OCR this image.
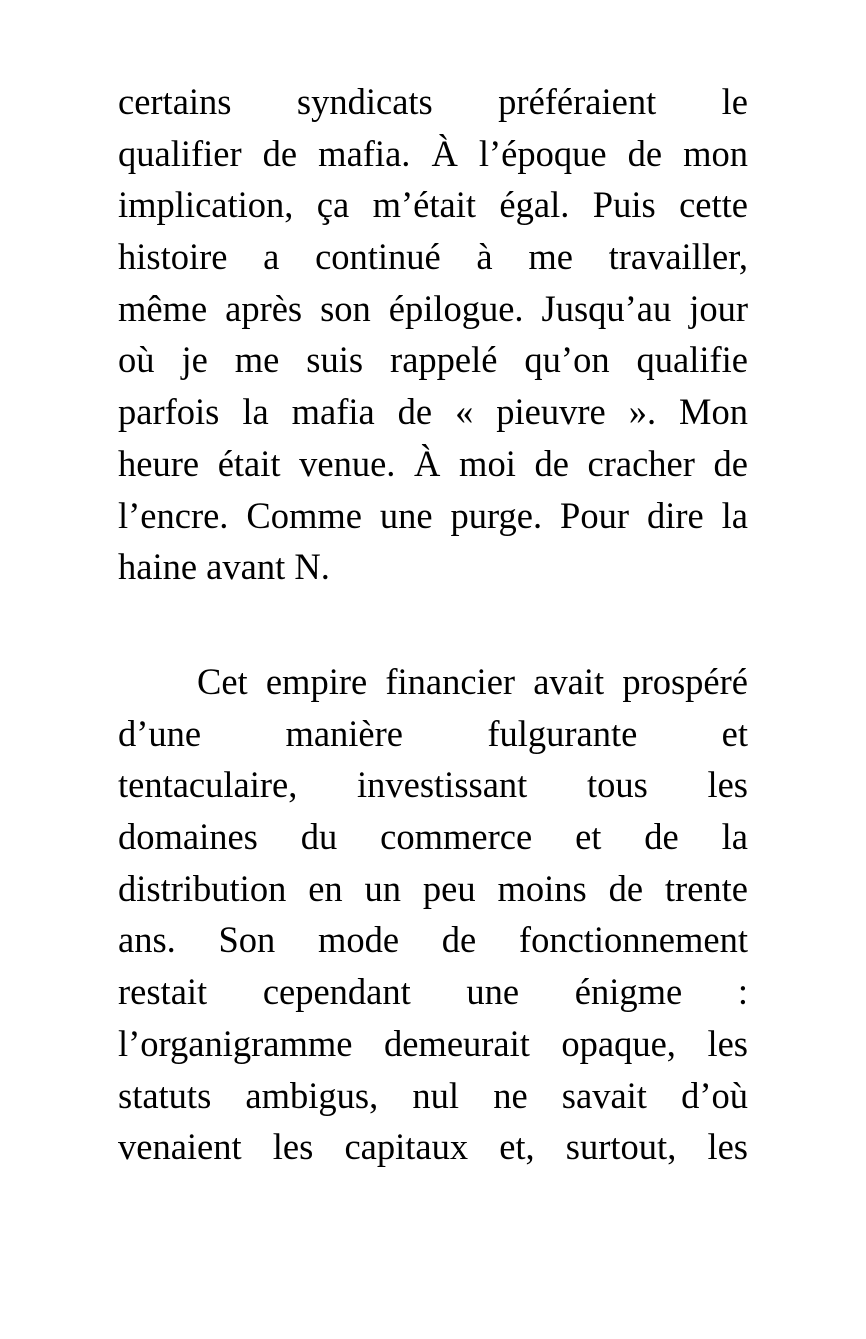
certains syndicats préféraient le
qualifier de mafia. À l’époque de mon
implication, ça m’était égal. Puis cette
histoire a continué à me travailler,
même après son épilogue. Jusqu’au jour
où je me suis rappelé qu’on qualifie
parfois la mafia de « pieuvre ». Mon
heure était venue. À moi de cracher de
l’encre. Comme une purge. Pour dire la
haine avant N.
Cet empire financier avait prospéré
d’une manière fulgurante et
tentaculaire, investissant tous les
domaines du commerce et de la
distribution en un peu moins de trente
ans. Son mode de fonctionnement
restait cependant une énigme :
l’organigramme demeurait opaque, les
statuts ambigus, nul ne savait d’où
venaient les capitaux et, surtout, les
